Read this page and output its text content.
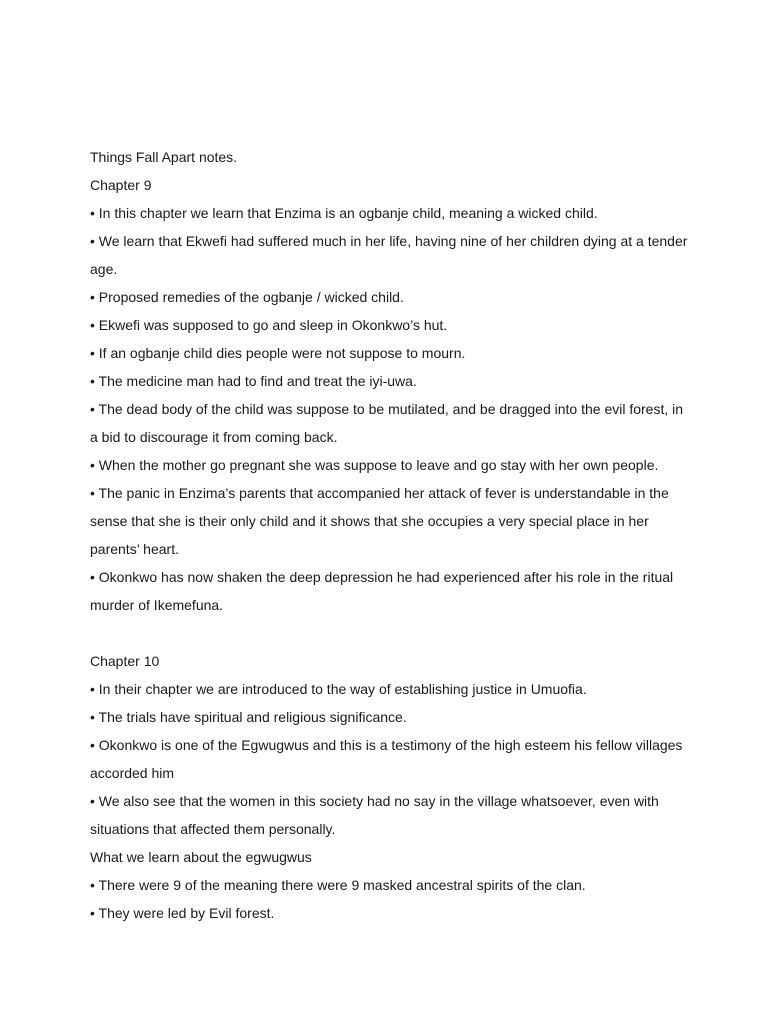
Things Fall Apart notes.

Chapter 9

• In this chapter we learn that Enzima is an ogbanje child, meaning a wicked child.

• We learn that Ekwefi had suffered much in her life, having nine of her children dying at a tender age.

• Proposed remedies of the ogbanje / wicked child.

• Ekwefi was supposed to go and sleep in Okonkwo’s hut.

• If an ogbanje child dies people were not suppose to mourn.

• The medicine man had to find and treat the iyi-uwa.

• The dead body of the child was suppose to be mutilated, and be dragged into the evil forest, in a bid to discourage it from coming back.

• When the mother go pregnant she was suppose to leave and go stay with her own people.

• The panic in Enzima’s parents that accompanied her attack of fever is understandable in the sense that she is their only child and it shows that she occupies a very special place in her parents’ heart.

• Okonkwo has now shaken the deep depression he had experienced after his role in the ritual murder of Ikemefuna.

Chapter 10

• In their chapter we are introduced to the way of establishing justice in Umuofia.

• The trials have spiritual and religious significance.

• Okonkwo is one of the Egwugwus and this is a testimony of the high esteem his fellow villages accorded him

• We also see that the women in this society had no say in the village whatsoever, even with situations that affected them personally.

What we learn about the egwugwus

• There were 9 of the meaning there were 9 masked ancestral spirits of the clan.

• They were led by Evil forest.
